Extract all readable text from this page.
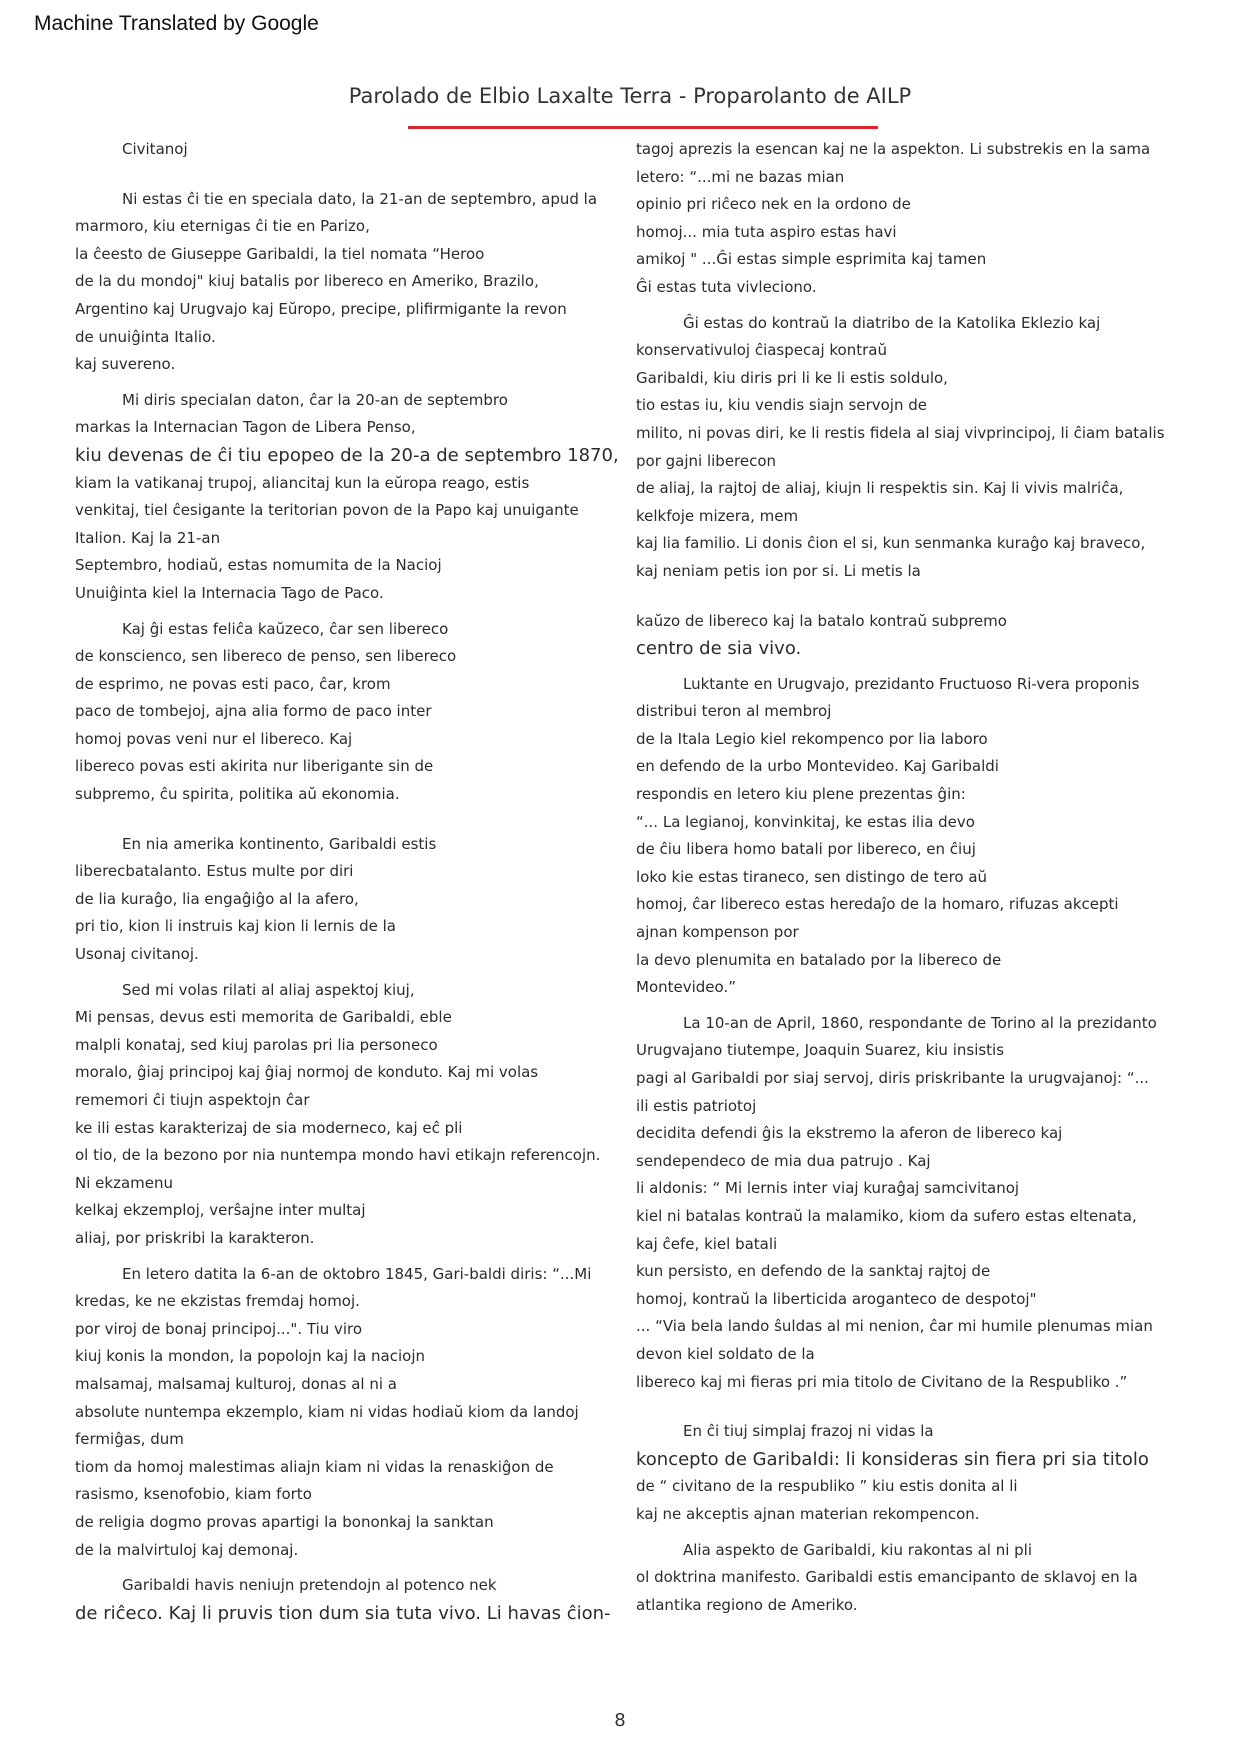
Machine Translated by Google
Parolado de Elbio Laxalte Terra - Proparolanto de AILP
Civitanoj
Ni estas ĉi tie en speciala dato, la 21-an de septembro, apud la
marmoro, kiu eternigas ĉi tie en Parizo,
la ĉeesto de Giuseppe Garibaldi, la tiel nomata “Heroo
de la du mondoj" kiuj batalis por libereco en Ameriko, Brazilo,
Argentino kaj Urugvajo kaj Eŭropo, precipe, plifirmigante la revon
de unuiĝinta Italio.
kaj suvereno.
Mi diris specialan daton, ĉar la 20-an de septembro
markas la Internacian Tagon de Libera Penso,
kiu devenas de ĉi tiu epopeo de la 20-a de septembro 1870,
kiam la vatikanaj trupoj, aliancitaj kun la eŭropa reago, estis
venkitaj, tiel ĉesigante la teritorian povon de la Papo kaj unuigante
Italion. Kaj la 21-an
Septembro, hodiaŭ, estas nomumita de la Nacioj
Unuiĝinta kiel la Internacia Tago de Paco.
Kaj ĝi estas feliĉa kaŭzeco, ĉar sen libereco
de konscienco, sen libereco de penso, sen libereco
de esprimo, ne povas esti paco, ĉar, krom
paco de tombejoj, ajna alia formo de paco inter
homoj povas veni nur el libereco. Kaj
libereco povas esti akirita nur liberigante sin de
subpremo, ĉu spirita, politika aŭ ekonomia.
En nia amerika kontinento, Garibaldi estis
liberecbatalanto. Estus multe por diri
de lia kuraĝo, lia engaĝiĝo al la afero,
pri tio, kion li instruis kaj kion li lernis de la
Usonaj civitanoj.
Sed mi volas rilati al aliaj aspektoj kiuj,
Mi pensas, devus esti memorita de Garibaldi, eble
malpli konataj, sed kiuj parolas pri lia personeco
moralo, ĝiaj principoj kaj ĝiaj normoj de konduto. Kaj mi volas
rememori ĉi tiujn aspektojn ĉar
ke ili estas karakterizaj de sia moderneco, kaj eĉ pli
ol tio, de la bezono por nia nuntempa mondo havi etikajn referencojn.
Ni ekzamenu
kelkaj ekzemploj, verŝajne inter multaj
aliaj, por priskribi la karakteron.
En letero datita la 6-an de oktobro 1845, Gari-baldi diris: “...Mi
kredas, ke ne ekzistas fremdaj homoj.
por viroj de bonaj principoj...". Tiu viro
kiuj konis la mondon, la popolojn kaj la naciojn
malsamaj, malsamaj kulturoj, donas al ni a
absolute nuntempa ekzemplo, kiam ni vidas hodiaŭ kiom da landoj
fermiĝas, dum
tiom da homoj malestimas aliajn kiam ni vidas la renaskiĝon de
rasismo, ksenofobio, kiam forto
de religia dogmo provas apartigi la bononkaj la sanktan
de la malvirtuloj kaj demonaj.
Garibaldi havis neniujn pretendojn al potenco nek
de riĉeco. Kaj li pruvis tion dum sia tuta vivo. Li havas ĉion-
tagoj aprezis la esencan kaj ne la aspekton. Li substrekis en la sama
letero: “...mi ne bazas mian
opinio pri riĉeco nek en la ordono de
homoj... mia tuta aspiro estas havi
amikoj " ...Ĝi estas simple esprimita kaj tamen
Ĝi estas tuta vivleciono.
Ĝi estas do kontraŭ la diatribo de la Katolika Eklezio kaj
konservativuloj ĉiaspecaj kontraŭ
Garibaldi, kiu diris pri li ke li estis soldulo,
tio estas iu, kiu vendis siajn servojn de
milito, ni povas diri, ke li restis fidela al siaj vivprincipoj, li ĉiam batalis
por gajni liberecon
de aliaj, la rajtoj de aliaj, kiujn li respektis sin. Kaj li vivis malriĉa,
kelkfoje mizera, mem
kaj lia familio. Li donis ĉion el si, kun senmanka kuraĝo kaj braveco,
kaj neniam petis ion por si. Li metis la
kaŭzo de libereco kaj la batalo kontraŭ subpremo
centro de sia vivo.
Luktante en Urugvajo, prezidanto Fructuoso Ri-vera proponis
distribui teron al membroj
de la Itala Legio kiel rekompenco por lia laboro
en defendo de la urbo Montevideo. Kaj Garibaldi
respondis en letero kiu plene prezentas ĝin:
“... La legianoj, konvinkitaj, ke estas ilia devo
de ĉiu libera homo batali por libereco, en ĉiuj
loko kie estas tiraneco, sen distingo de tero aŭ
homoj, ĉar libereco estas heredaĵo de la homaro, rifuzas akcepti
ajnan kompenson por
la devo plenumita en batalado por la libereco de
Montevideo.”
La 10-an de April, 1860, respondante de Torino al la prezidanto
Urugvajano tiutempe, Joaquin Suarez, kiu insistis
pagi al Garibaldi por siaj servoj, diris priskribante la urugvajanoj: “...
ili estis patriotoj
decidita defendi ĝis la ekstremo la aferon de libereco kaj
sendependeco de mia dua patrujo . Kaj
li aldonis: “ Mi lernis inter viaj kuraĝaj samcivitanoj
kiel ni batalas kontraŭ la malamiko, kiom da sufero estas eltenata,
kaj ĉefe, kiel batali
kun persisto, en defendo de la sanktaj rajtoj de
homoj, kontraŭ la liberticida aroganteco de despotoj"
... “Via bela lando ŝuldas al mi nenion, ĉar mi humile plenumas mian
devon kiel soldato de la
libereco kaj mi fieras pri mia titolo de Civitano de la Respubliko .”
En ĉi tiuj simplaj frazoj ni vidas la
koncepto de Garibaldi: li konsideras sin fiera pri sia titolo
de “ civitano de la respubliko ” kiu estis donita al li
kaj ne akceptis ajnan materian rekompencon.
Alia aspekto de Garibaldi, kiu rakontas al ni pli
ol doktrina manifesto. Garibaldi estis emancipanto de sklavoj en la
atlantika regiono de Ameriko.
8
